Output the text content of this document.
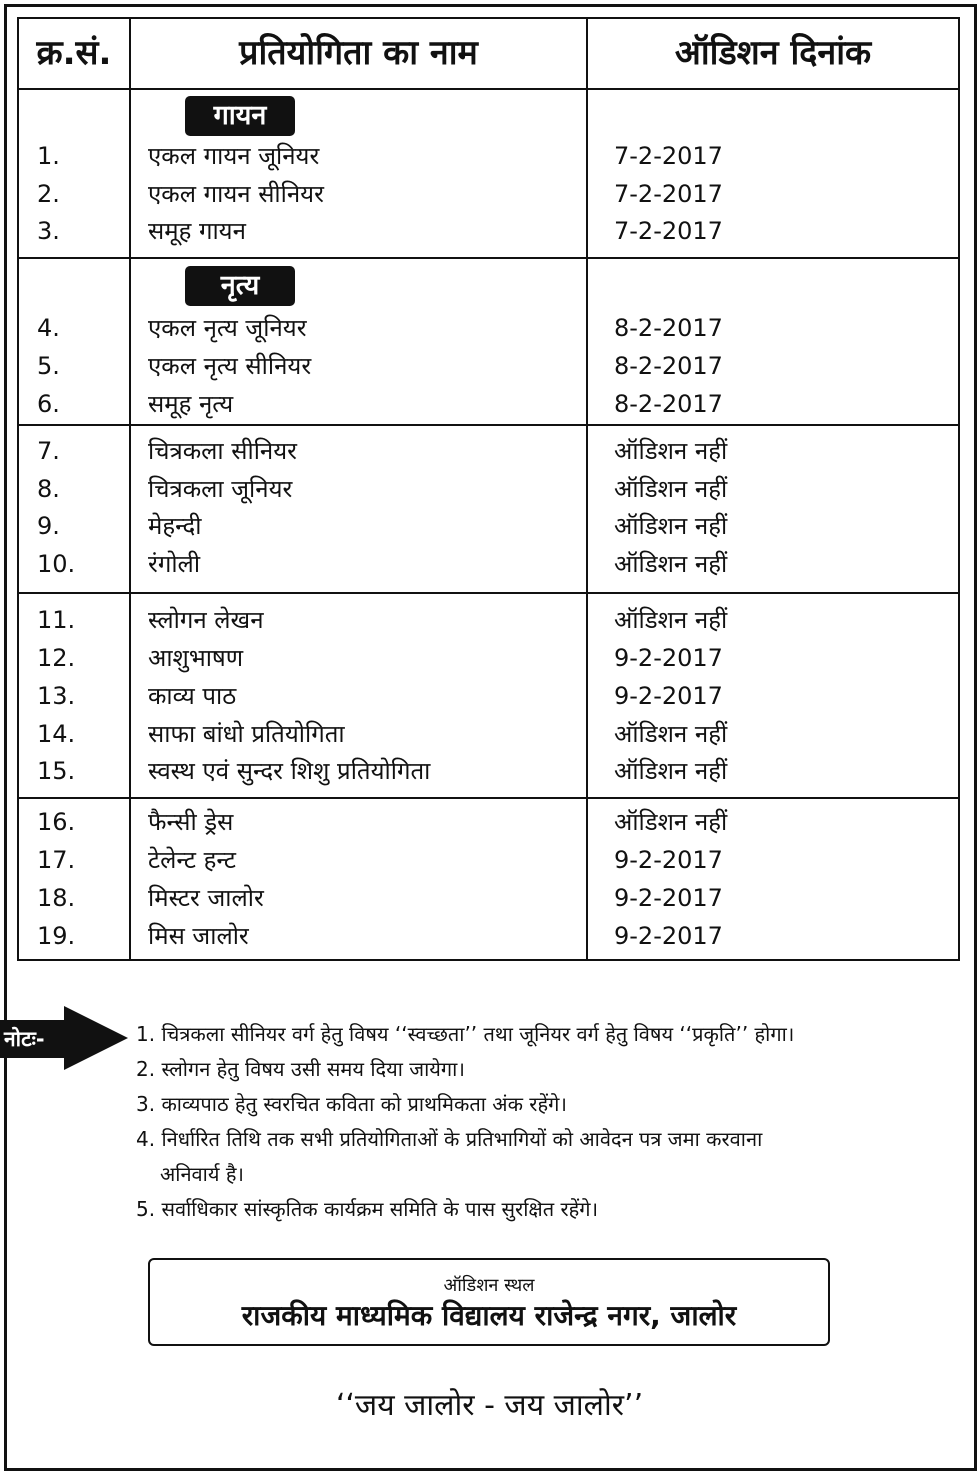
क्र.सं.	प्रतियोगिता का नाम	ऑडिशन दिनांक
गायन
1.	एकल गायन जूनियर	7-2-2017
2.	एकल गायन सीनियर	7-2-2017
3.	समूह गायन	7-2-2017
नृत्य
4.	एकल नृत्य जूनियर	8-2-2017
5.	एकल नृत्य सीनियर	8-2-2017
6.	समूह नृत्य	8-2-2017
7.	चित्रकला सीनियर	ऑडिशन नहीं
8.	चित्रकला जूनियर	ऑडिशन नहीं
9.	मेहन्दी	ऑडिशन नहीं
10.	रंगोली	ऑडिशन नहीं
11.	स्लोगन लेखन	ऑडिशन नहीं
12.	आशुभाषण	9-2-2017
13.	काव्य पाठ	9-2-2017
14.	साफा बांधो प्रतियोगिता	ऑडिशन नहीं
15.	स्वस्थ एवं सुन्दर शिशु प्रतियोगिता	ऑडिशन नहीं
16.	फैन्सी ड्रेस	ऑडिशन नहीं
17.	टेलेन्ट हन्ट	9-2-2017
18.	मिस्टर जालोर	9-2-2017
19.	मिस जालोर	9-2-2017
नोटः-	1. चित्रकला सीनियर वर्ग हेतु विषय ‘‘स्वच्छता’’ तथा जूनियर वर्ग हेतु विषय ‘‘प्रकृति’’ होगा।
2. स्लोगन हेतु विषय उसी समय दिया जायेगा।
3. काव्यपाठ हेतु स्वरचित कविता को प्राथमिकता अंक रहेंगे।
4. निर्धारित तिथि तक सभी प्रतियोगिताओं के प्रतिभागियों को आवेदन पत्र जमा करवाना
अनिवार्य है।
5. सर्वाधिकार सांस्कृतिक कार्यक्रम समिति के पास सुरक्षित रहेंगे।
ऑडिशन स्थल
राजकीय माध्यमिक विद्यालय राजेन्द्र नगर, जालोर
‘‘जय जालोर - जय जालोर’’
